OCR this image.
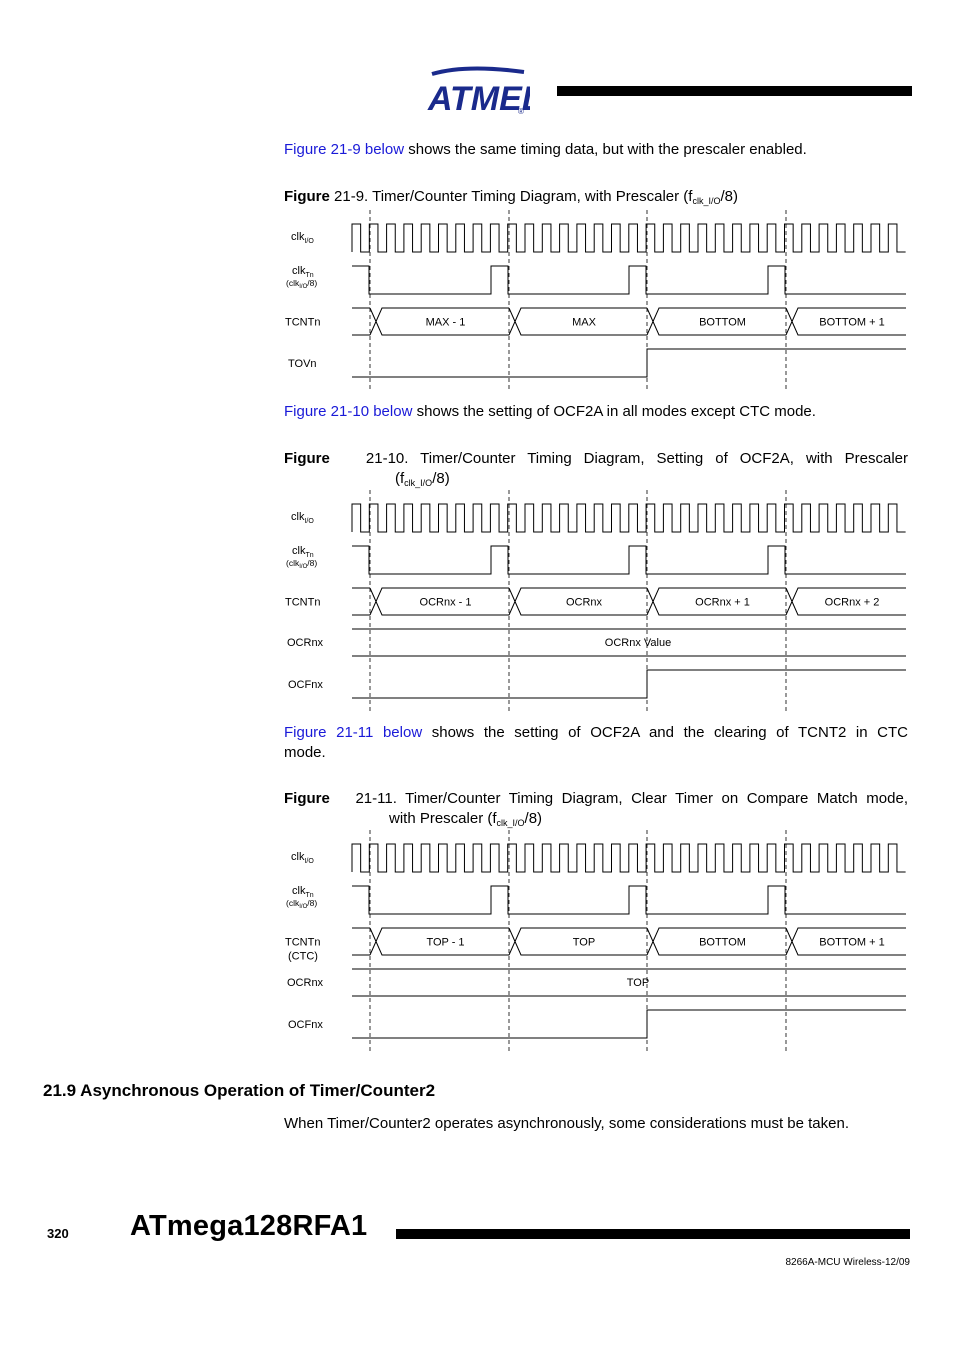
ATME
®
Figure 21-9 below shows the same timing data, but with the prescaler enabled.
Figure 21-9. Timer/Counter Timing Diagram, with Prescaler $(f_{clk\_I/O}/8)$
clk$_{I/O}$
clk$_{Tn}$
(clk$_{I/O}$/8)
MAX - 1	MAX	BOTTOM	BOTTOM + 1
TCNTn
TOVn
Figure 21-10 below shows the setting of OCF2A in all modes except CTC mode.
Figure   21-10. Timer/Counter Timing Diagram, Setting of OCF2A, with Prescaler
$(f_{clk\_I/O}/8)$
clk$_{I/O}$
clk$_{Tn}$
(clk$_{I/O}$/8)
OCRnx - 1	OCRnx	OCRnx + 1	OCRnx + 2
TCNTn
OCRnx Value
OCRnx
OCFnx
Figure 21-11 below shows the setting of OCF2A and the clearing of TCNT2 in CTC
mode.
Figure   21-11. Timer/Counter Timing Diagram, Clear Timer on Compare Match mode,
with Prescaler $(f_{clk\_I/O}/8)$
clk$_{I/O}$
clk$_{Tn}$
(clk$_{I/O}$/8)
TOP - 1	TOP	BOTTOM	BOTTOM + 1
TCNTn
(CTC)
TOP
OCRnx
OCFnx
21.9 Asynchronous Operation of Timer/Counter2
When Timer/Counter2 operates asynchronously, some considerations must be taken.
320 ATmega128RFA1
8266A-MCU Wireless-12/09
